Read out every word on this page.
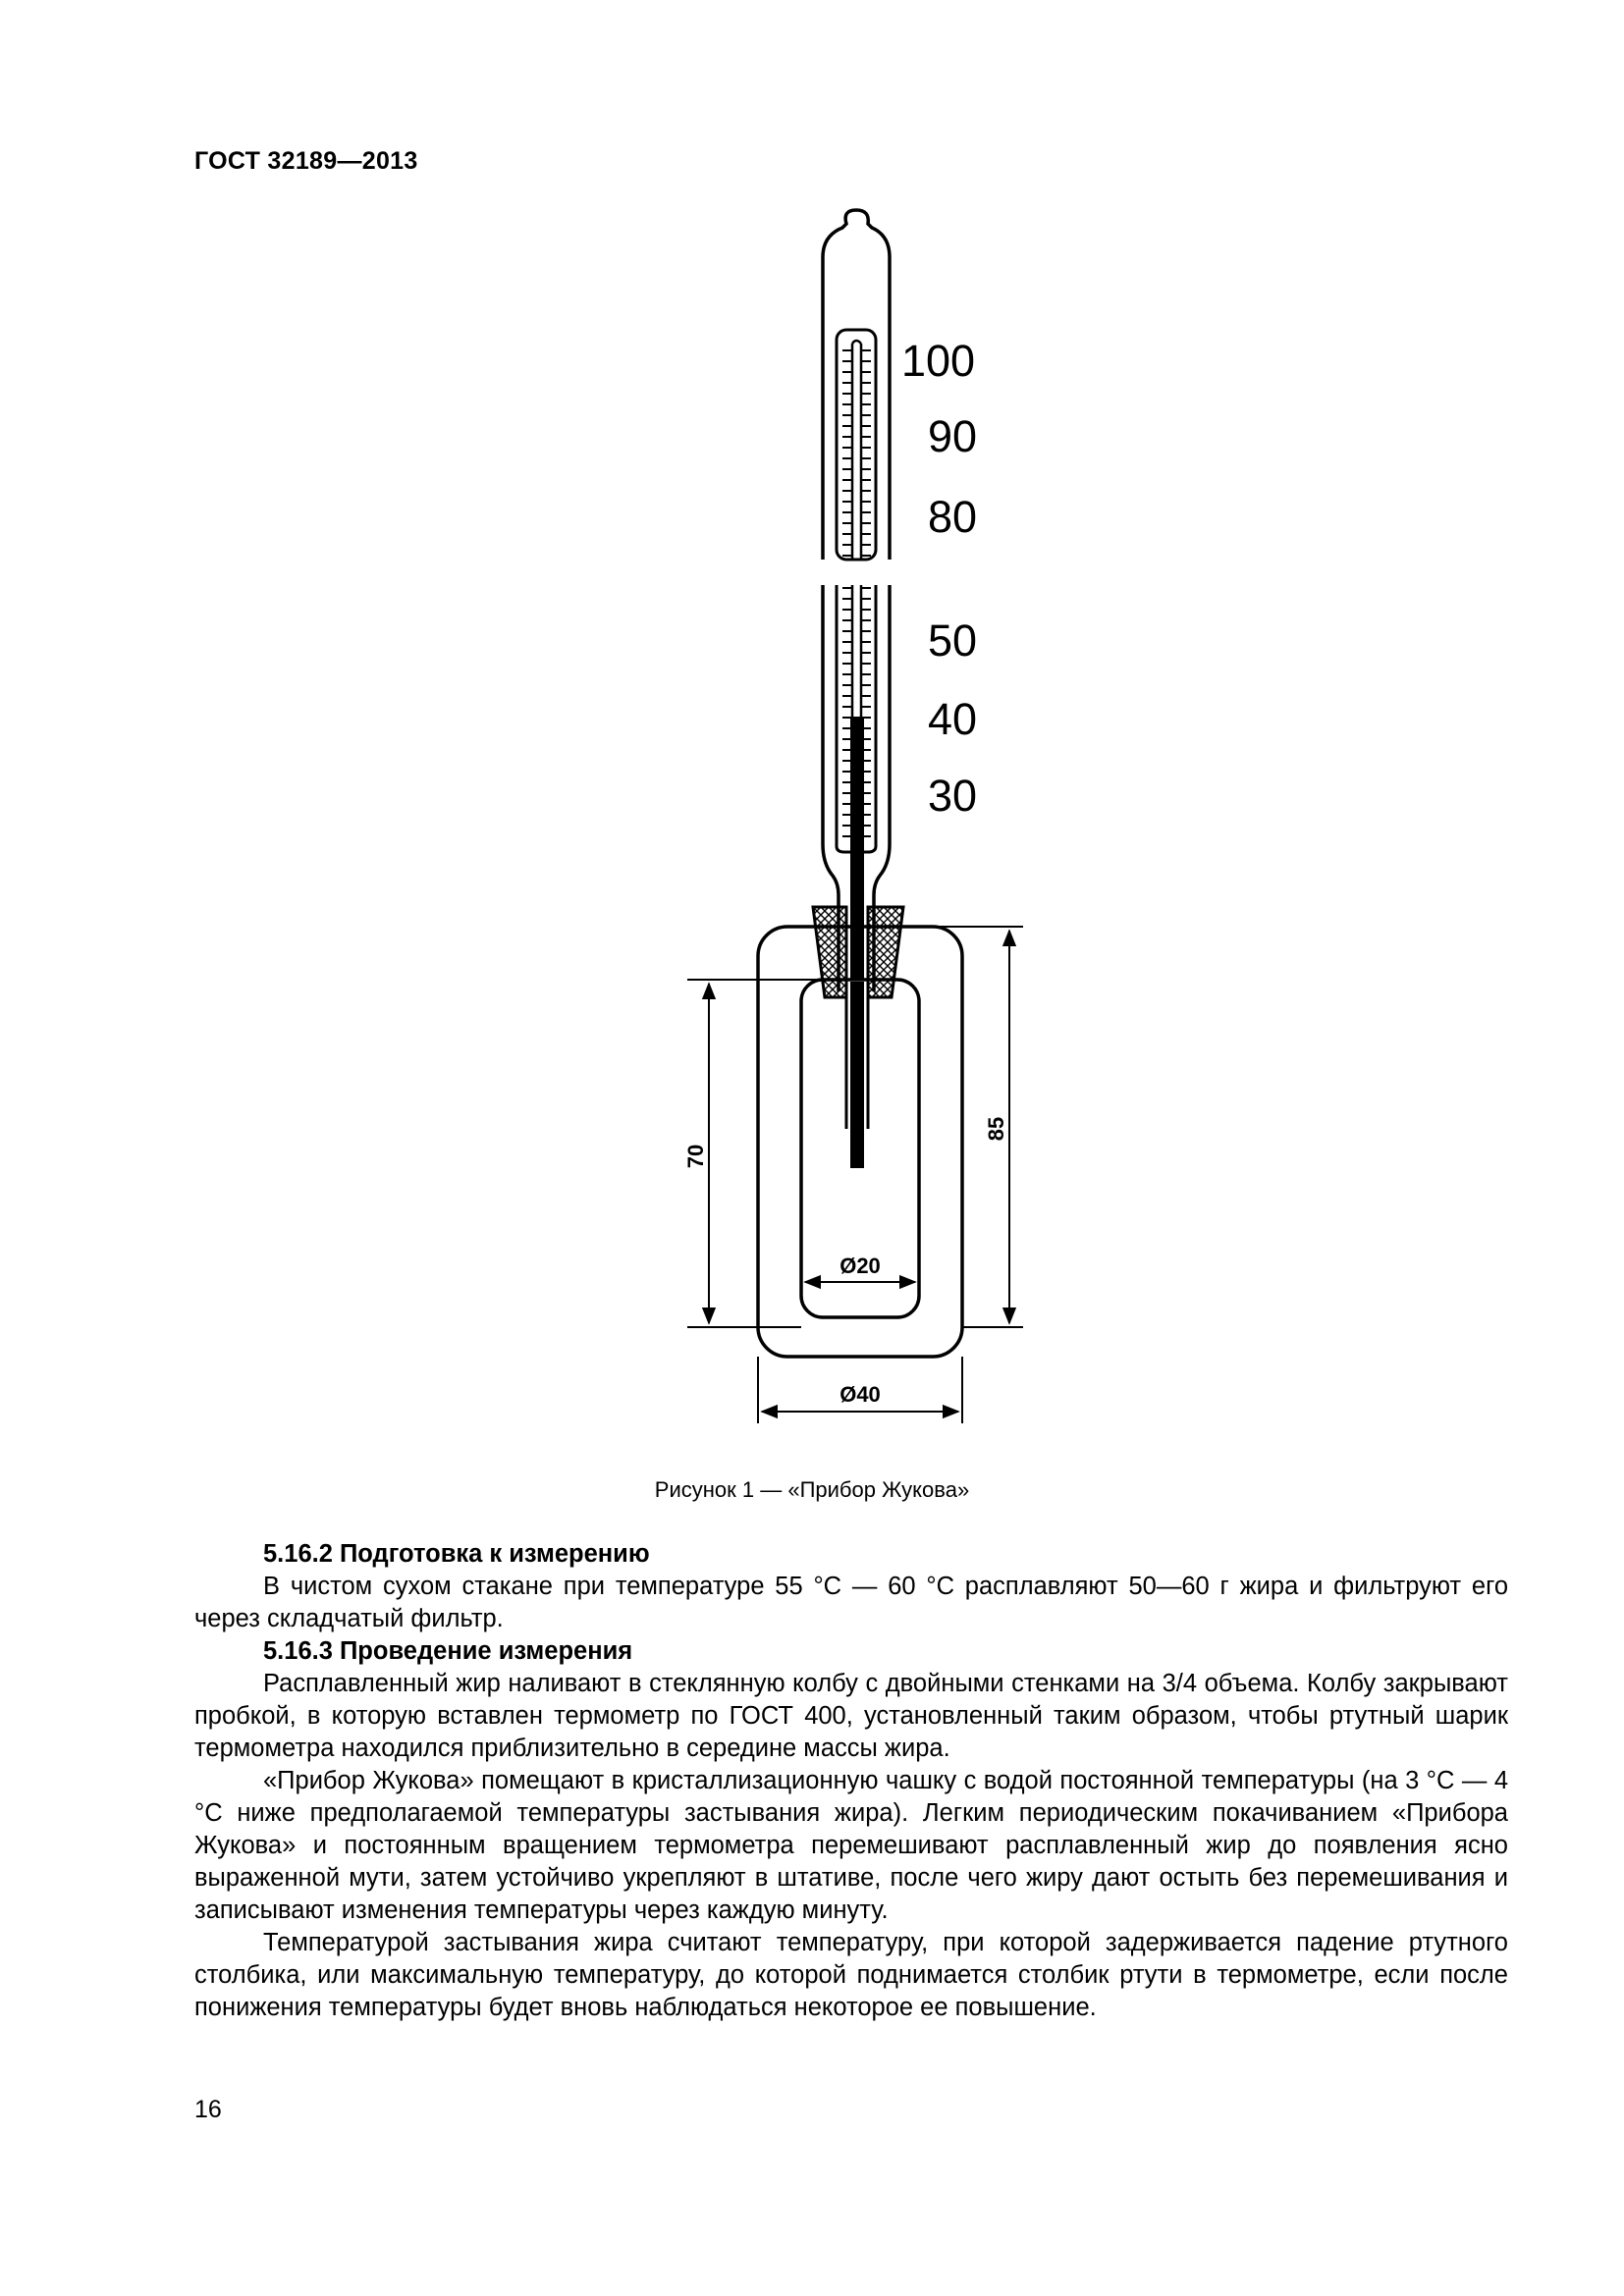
ГОСТ 32189—2013
100
90
80
50
40
30
70
85
Ø20
Ø40
Рисунок 1 — «Прибор Жукова»
5.16.2 Подготовка к измерению

В чистом сухом стакане при температуре 55 °С — 60 °С расплавляют 50—60 г жира и фильтруют его через складчатый фильтр.

5.16.3 Проведение измерения

Расплавленный жир наливают в стеклянную колбу с двойными стенками на 3/4 объема. Колбу закрывают пробкой, в которую вставлен термометр по ГОСТ 400, установленный таким образом, чтобы ртутный шарик термометра находился приблизительно в середине массы жира.

«Прибор Жукова» помещают в кристаллизационную чашку с водой постоянной температуры (на 3 °С — 4 °С ниже предполагаемой температуры застывания жира). Легким периодическим покачиванием «Прибора Жукова» и постоянным вращением термометра перемешивают расплавленный жир до появления ясно выраженной мути, затем устойчиво укрепляют в штативе, после чего жиру дают остыть без перемешивания и записывают изменения температуры через каждую минуту.

Температурой застывания жира считают температуру, при которой задерживается падение ртутного столбика, или максимальную температуру, до которой поднимается столбик ртути в термометре, если после понижения температуры будет вновь наблюдаться некоторое ее повышение.

16
